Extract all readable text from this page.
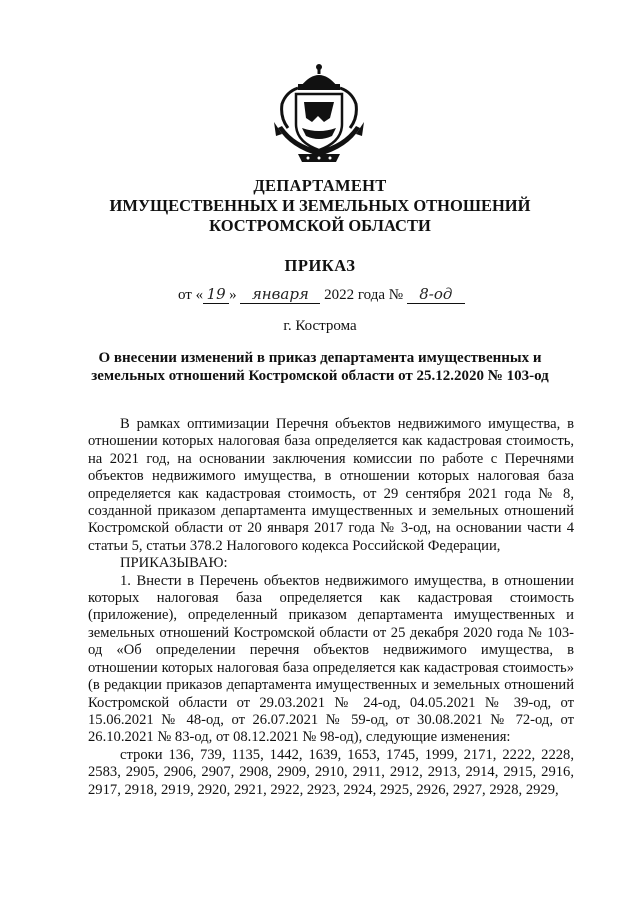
ДЕПАРТАМЕНТ
ИМУЩЕСТВЕННЫХ И ЗЕМЕЛЬНЫХ ОТНОШЕНИЙ
КОСТРОМСКОЙ ОБЛАСТИ
ПРИКАЗ
от « 19 » января 2022 года № 8-од
г. Кострома
О внесении изменений в приказ департамента имущественных и
земельных отношений Костромской области от 25.12.2020 № 103-од

В рамках оптимизации Перечня объектов недвижимого имущества, в отношении которых налоговая база определяется как кадастровая стоимость, на 2021 год, на основании заключения комиссии по работе с Перечнями объектов недвижимого имущества, в отношении которых налоговая база определяется как кадастровая стоимость, от 29 сентября 2021 года № 8, созданной приказом департамента имущественных и земельных отношений Костромской области от 20 января 2017 года № 3-од, на основании части 4 статьи 5, статьи 378.2 Налогового кодекса Российской Федерации,

ПРИКАЗЫВАЮ:

1. Внести в Перечень объектов недвижимого имущества, в отношении которых налоговая база определяется как кадастровая стоимость (приложение), определенный приказом департамента имущественных и земельных отношений Костромской области от 25 декабря 2020 года № 103-од «Об определении перечня объектов недвижимого имущества, в отношении которых налоговая база определяется как кадастровая стоимость» (в редакции приказов департамента имущественных и земельных отношений Костромской области от 29.03.2021 № 24-од, 04.05.2021 № 39-од, от 15.06.2021 № 48-од, от 26.07.2021 № 59-од, от 30.08.2021 № 72-од, от 26.10.2021 № 83-од, от 08.12.2021 № 98-од), следующие изменения:

строки 136, 739, 1135, 1442, 1639, 1653, 1745, 1999, 2171, 2222, 2228, 2583, 2905, 2906, 2907, 2908, 2909, 2910, 2911, 2912, 2913, 2914, 2915, 2916, 2917, 2918, 2919, 2920, 2921, 2922, 2923, 2924, 2925, 2926, 2927, 2928, 2929,
